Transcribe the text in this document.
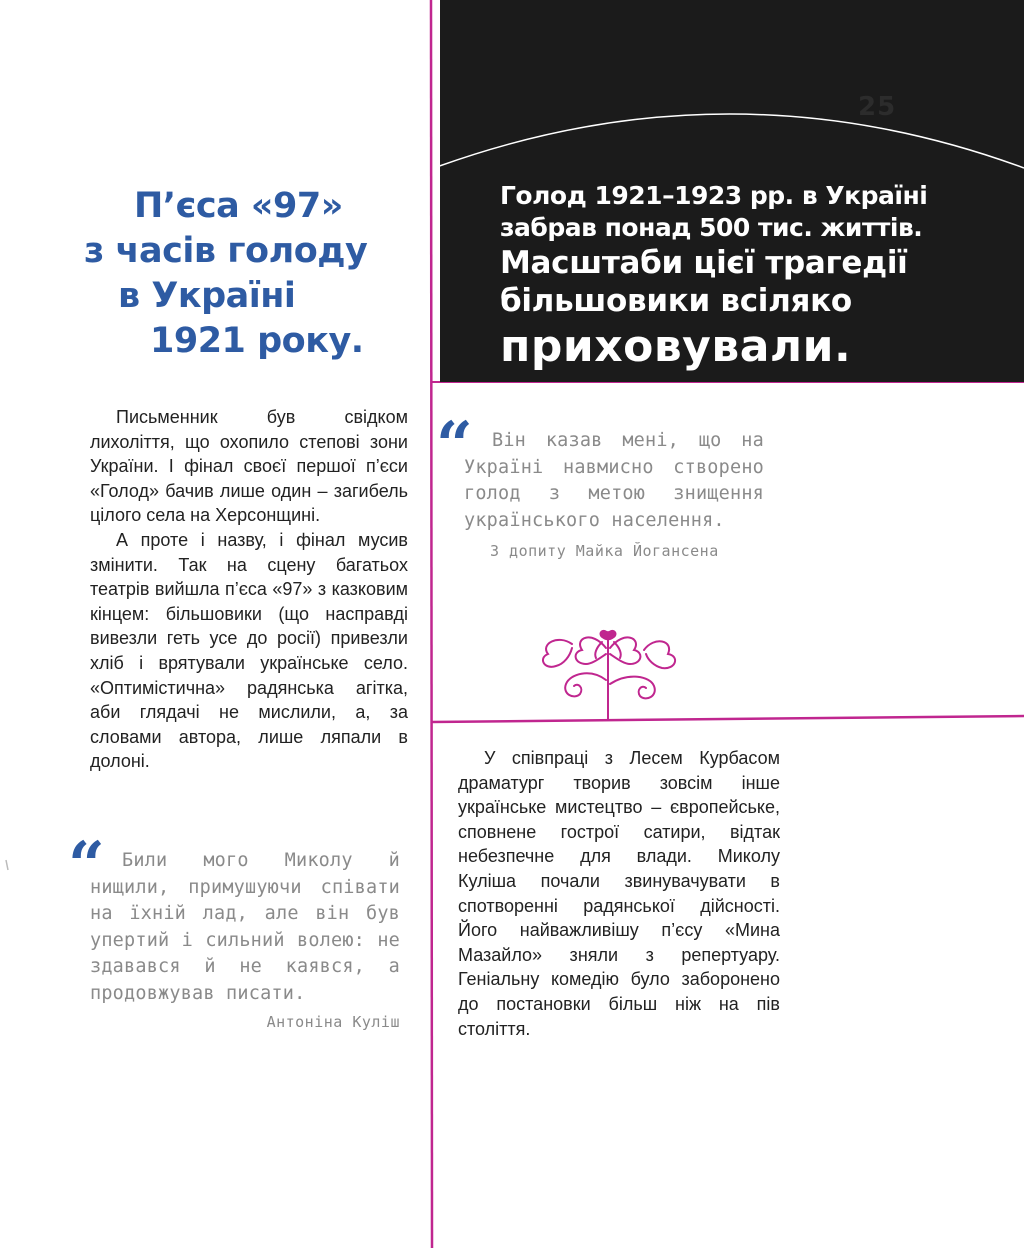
25
Голод 1921–1923 рр. в Україні
забрав понад 500 тис. життів.
Масштаби цієї трагедії
більшовики всіляко
приховували.
П’єса «97»
з часів голоду
в Україні
1921 року.

Письменник був свідком лихоліття, що охопило степові зони України. І фінал своєї першої п’єси «Голод» бачив лише один – загибель цілого села на Херсонщині.

А проте і назву, і фінал мусив змінити. Так на сцену багатьох театрів вийшла п’єса «97» з казковим кінцем: більшовики (що насправді вивезли геть усе до росії) привезли хліб і врятували українське село. «Оптимістична» радянська агітка, аби глядачі не мислили, а, за словами автора, лише ляпали в долоні.

“	Він казав мені, що на Україні навмисно створено голод з метою знищення українського населення.
З допиту Майка Йогансена
“ Били мого Миколу й нищили, примушуючи співати на їхній лад, але він був упертий і сильний волею: не здавався й не каявся, а продовжував писати.
Антоніна Куліш

У співпраці з Лесем Курбасом драматург творив зовсім інше українське мистецтво – європейське, сповнене гострої сатири, відтак небезпечне для влади. Миколу Куліша почали звинувачувати в спотворенні радянської дійсності. Його найважливішу п’єсу «Мина Мазайло» зняли з репертуару. Геніальну комедію було заборонено до постановки більш ніж на пів століття.
